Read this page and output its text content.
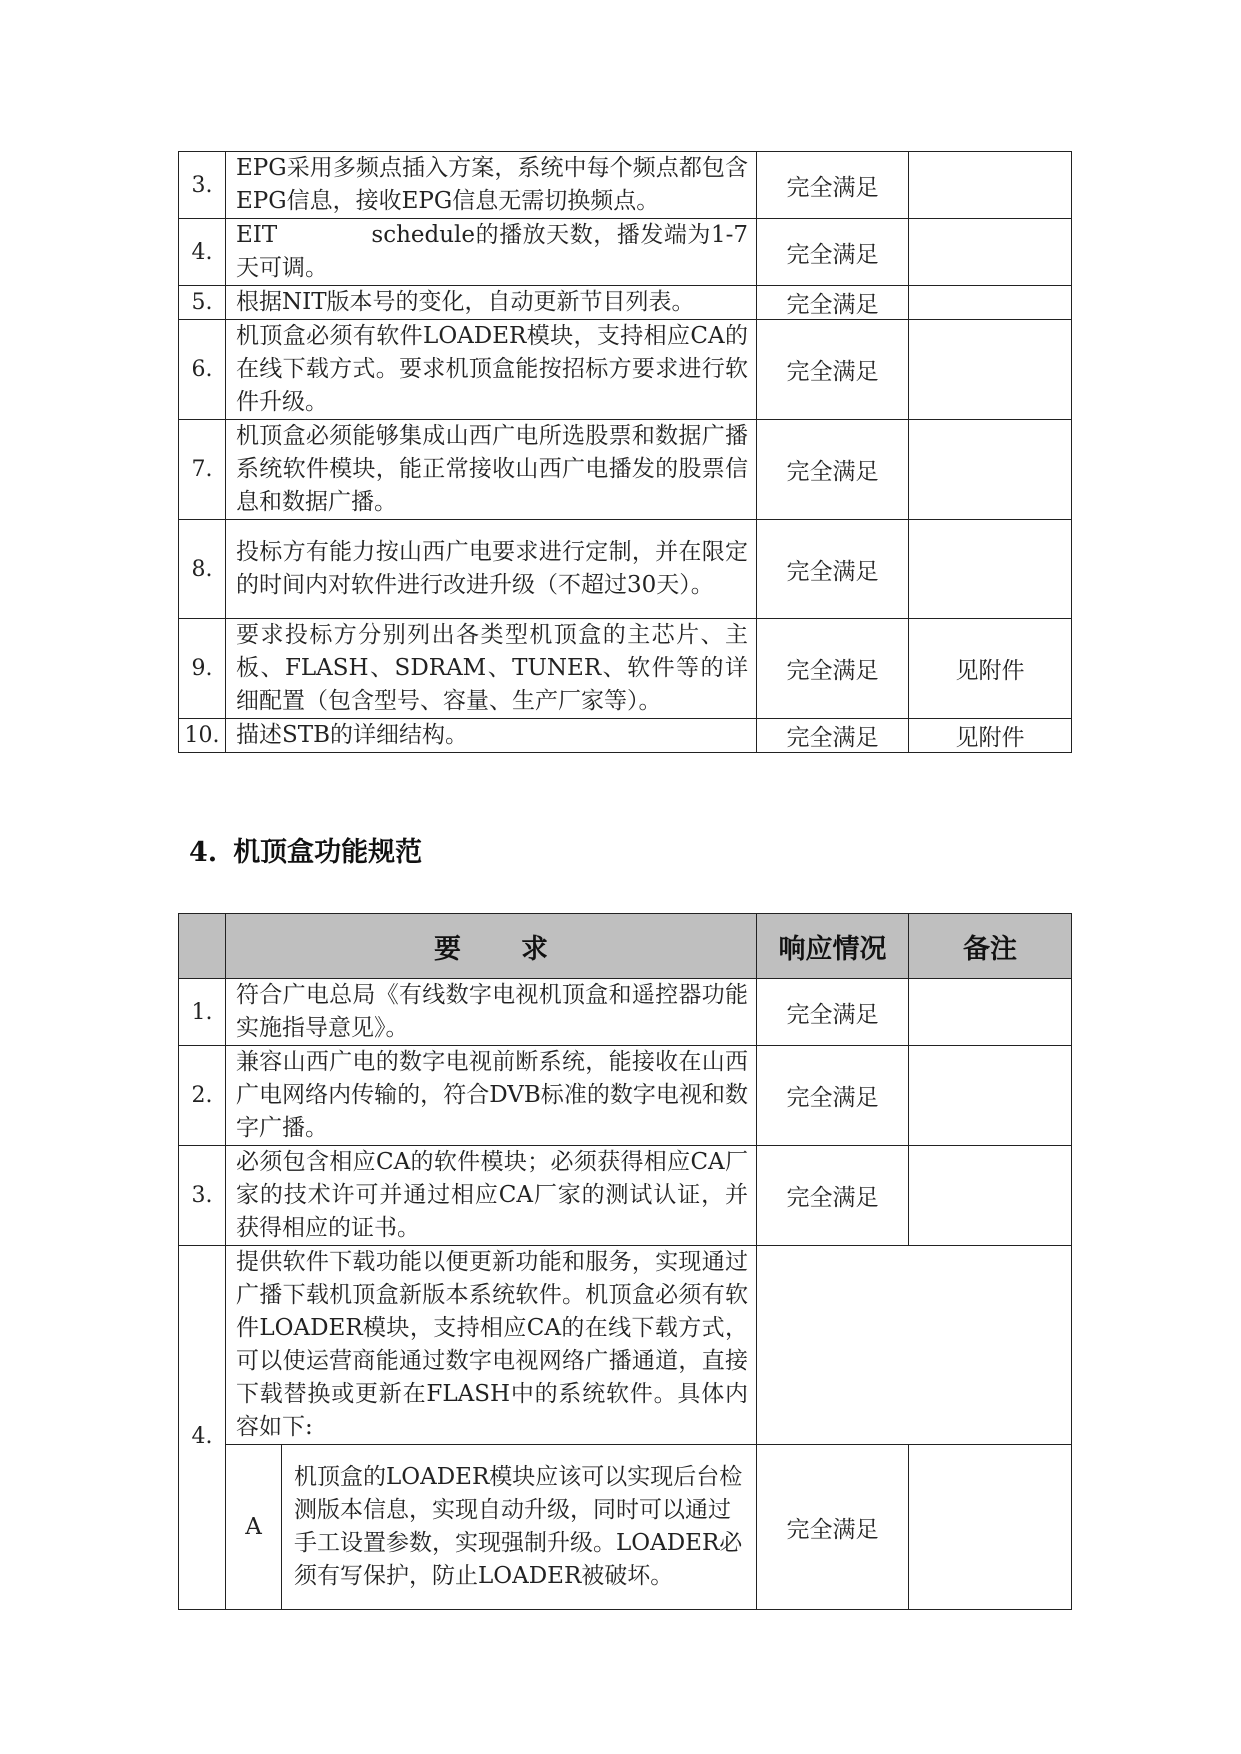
3.	EPG采用多频点插入方案，系统中每个频点都包含EPG信息，接收EPG信息无需切换频点。	完全满足	
4.	EIT            schedule的播放天数，播发端为1-7天可调。	完全满足	
5.	根据NIT版本号的变化，自动更新节目列表。	完全满足	
6.	机顶盒必须有软件LOADER模块，支持相应CA的在线下载方式。要求机顶盒能按招标方要求进行软件升级。	完全满足	
7.	机顶盒必须能够集成山西广电所选股票和数据广播系统软件模块，能正常接收山西广电播发的股票信息和数据广播。	完全满足	
8.	投标方有能力按山西广电要求进行定制，并在限定的时间内对软件进行改进升级（不超过30天）。	完全满足	
9.	要求投标方分别列出各类型机顶盒的主芯片、主板、FLASH、SDRAM、TUNER、软件等的详细配置（包含型号、容量、生产厂家等）。	完全满足	见附件
10.	描述STB的详细结构。	完全满足	见附件
4. 机顶盒功能规范
	要求		响应情况	备注
1.	符合广电总局《有线数字电视机顶盒和遥控器功能实施指导意见》。		完全满足	
2.	兼容山西广电的数字电视前断系统，能接收在山西广电网络内传输的，符合DVB标准的数字电视和数字广播。		完全满足	
3.	必须包含相应CA的软件模块；必须获得相应CA厂家的技术许可并通过相应CA厂家的测试认证，并获得相应的证书。		完全满足	
4.	提供软件下载功能以便更新功能和服务，实现通过广播下载机顶盒新版本系统软件。机顶盒必须有软件LOADER模块，支持相应CA的在线下载方式，可以使运营商能通过数字电视网络广播通道，直接下载替换或更新在FLASH中的系统软件。具体内容如下:			
	A	机顶盒的LOADER模块应该可以实现后台检测版本信息，实现自动升级，同时可以通过手工设置参数，实现强制升级。LOADER必须有写保护，防止LOADER被破坏。	完全满足	
